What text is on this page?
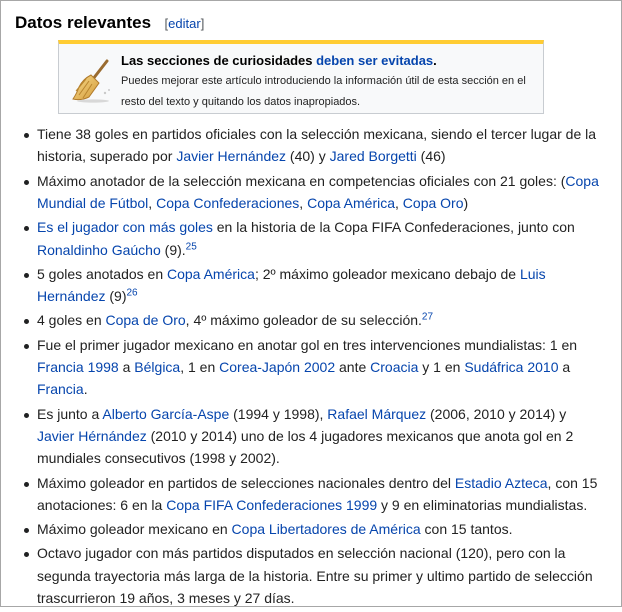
Datos relevantes [editar]

Las secciones de curiosidades deben ser evitadas.

Puedes mejorar este artículo introduciendo la información útil de esta sección en el resto del texto y quitando los datos inapropiados.

Tiene 38 goles en partidos oficiales con la selección mexicana, siendo el tercer lugar de la historia, superado por Javier Hernández (40) y Jared Borgetti (46)
Máximo anotador de la selección mexicana en competencias oficiales con 21 goles: (Copa Mundial de Fútbol, Copa Confederaciones, Copa América, Copa Oro)
Es el jugador con más goles en la historia de la Copa FIFA Confederaciones, junto con Ronaldinho Gaúcho (9).$^{25}$
5 goles anotados en Copa América; 2º máximo goleador mexicano debajo de Luis Hernández (9)$^{26}$
4 goles en Copa de Oro, 4º máximo goleador de su selección.$^{27}$
Fue el primer jugador mexicano en anotar gol en tres intervenciones mundialistas: 1 en Francia 1998 a Bélgica, 1 en Corea-Japón 2002 ante Croacia y 1 en Sudáfrica 2010 a Francia.
Es junto a Alberto García-Aspe (1994 y 1998), Rafael Márquez (2006, 2010 y 2014) y Javier Hérnández (2010 y 2014) uno de los 4 jugadores mexicanos que anota gol en 2 mundiales consecutivos (1998 y 2002).
Máximo goleador en partidos de selecciones nacionales dentro del Estadio Azteca, con 15 anotaciones: 6 en la Copa FIFA Confederaciones 1999 y 9 en eliminatorias mundialistas.
Máximo goleador mexicano en Copa Libertadores de América con 15 tantos.
Octavo jugador con más partidos disputados en selección nacional (120), pero con la segunda trayectoria más larga de la historia. Entre su primer y ultimo partido de selección trascurrieron 19 años, 3 meses y 27 días.
